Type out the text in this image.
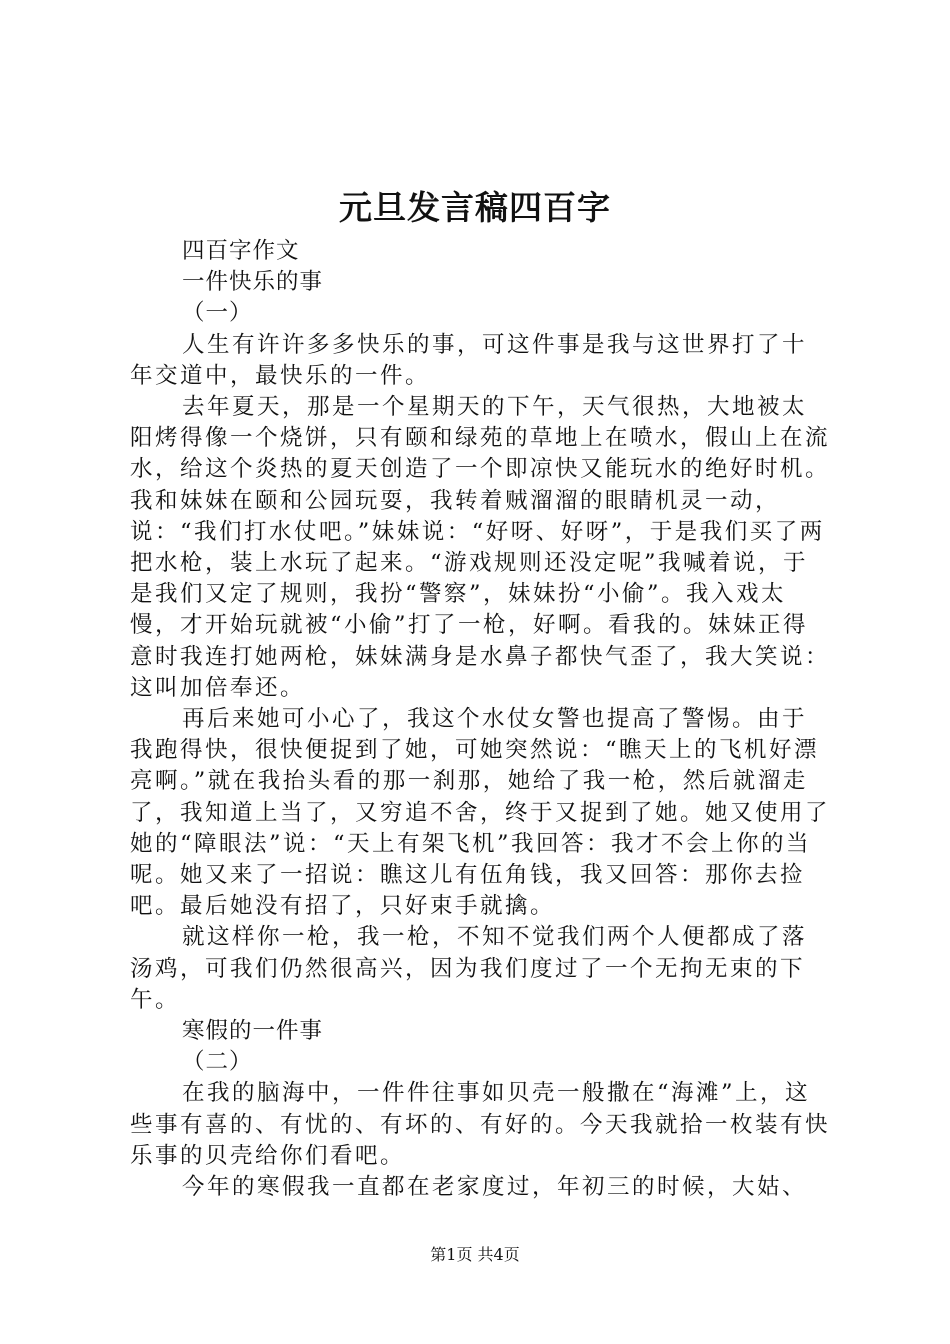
元旦发言稿四百字

四百字作文

一件快乐的事

（一）

人生有许许多多快乐的事，可这件事是我与这世界打了十年交道中，最快乐的一件。

去年夏天，那是一个星期天的下午，天气很热，大地被太阳烤得像一个烧饼，只有颐和绿苑的草地上在喷水，假山上在流水，给这个炎热的夏天创造了一个即凉快又能玩水的绝好时机。我和妹妹在颐和公园玩耍，我转着贼溜溜的眼睛机灵一动，说：“我们打水仗吧。”妹妹说：“好呀、好呀”，于是我们买了两把水枪，装上水玩了起来。“游戏规则还没定呢”我喊着说，于是我们又定了规则，我扮“警察”，妹妹扮“小偷”。我入戏太慢，才开始玩就被“小偷”打了一枪，好啊。看我的。妹妹正得意时我连打她两枪，妹妹满身是水鼻子都快气歪了，我大笑说：这叫加倍奉还。

再后来她可小心了，我这个水仗女警也提高了警惕。由于我跑得快，很快便捉到了她，可她突然说：“瞧天上的飞机好漂亮啊。”就在我抬头看的那一刹那，她给了我一枪，然后就溜走了，我知道上当了，又穷追不舍，终于又捉到了她。她又使用了她的“障眼法”说：“天上有架飞机”我回答：我才不会上你的当呢。她又来了一招说：瞧这儿有伍角钱，我又回答：那你去捡吧。最后她没有招了，只好束手就擒。

就这样你一枪，我一枪，不知不觉我们两个人便都成了落汤鸡，可我们仍然很高兴，因为我们度过了一个无拘无束的下午。

寒假的一件事

（二）

在我的脑海中，一件件往事如贝壳一般撒在“海滩”上，这些事有喜的、有忧的、有坏的、有好的。今天我就拾一枚装有快乐事的贝壳给你们看吧。

今年的寒假我一直都在老家度过，年初三的时候，大姑、

第1页 共4页
